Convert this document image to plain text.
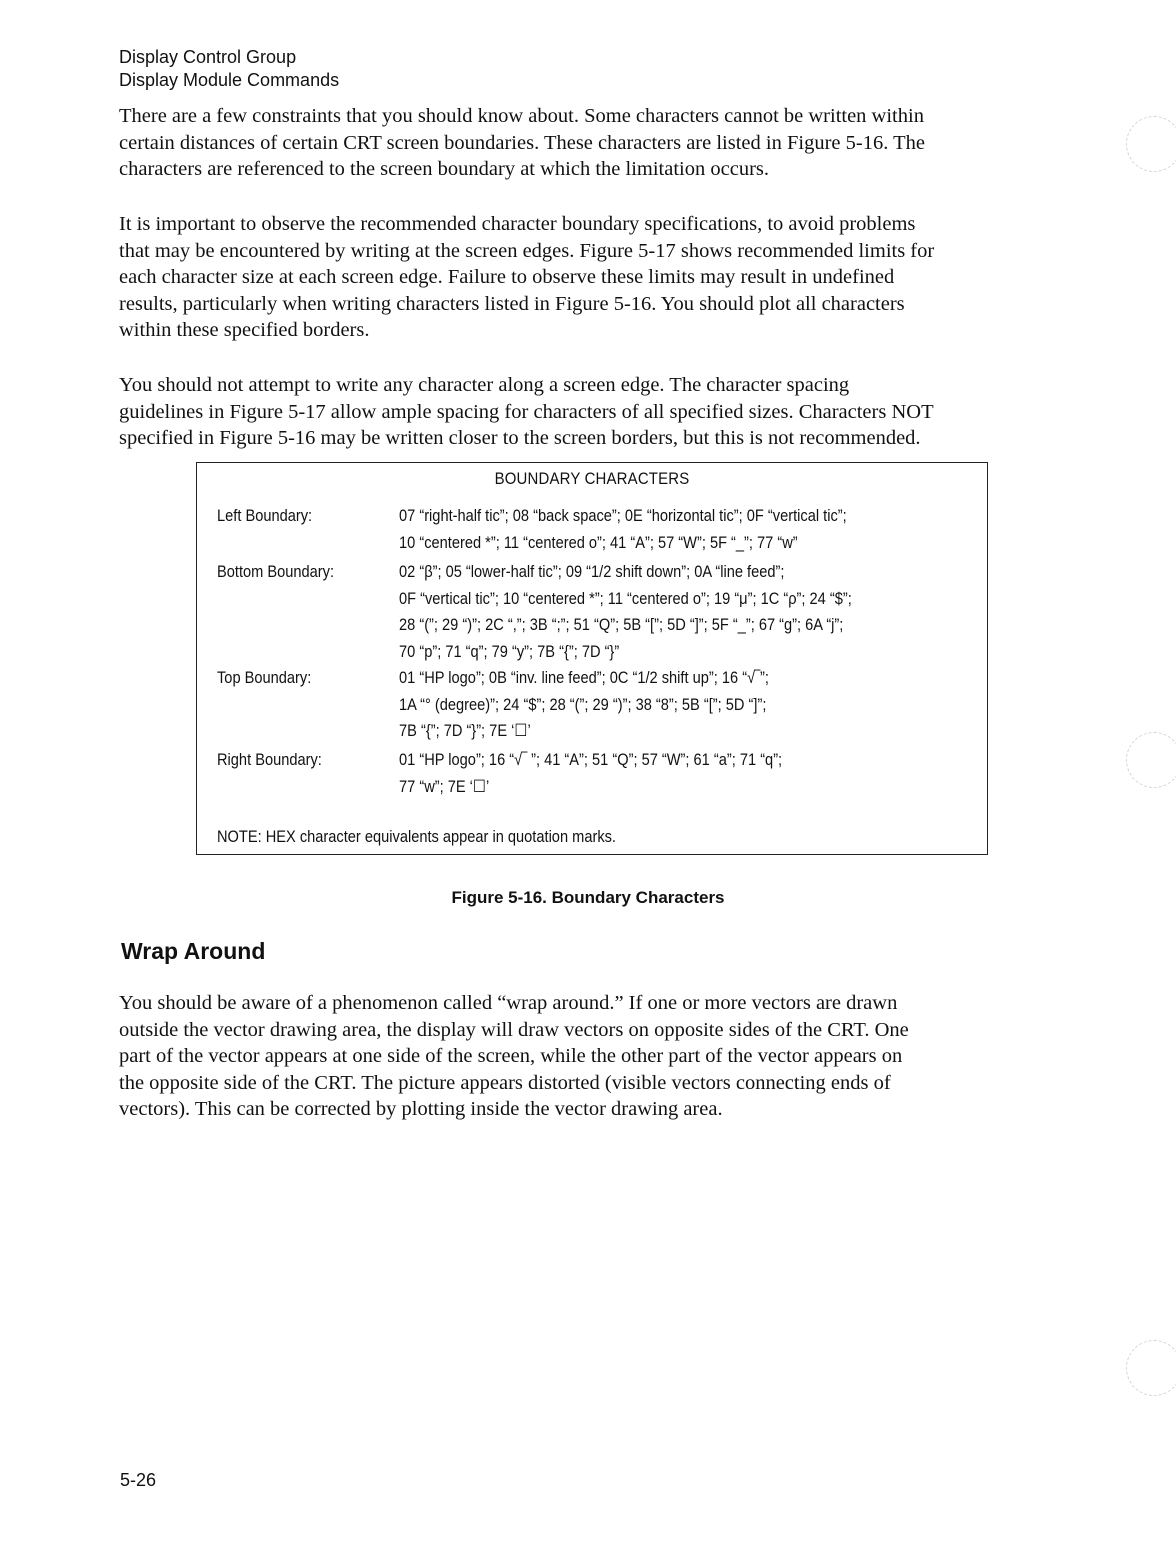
Display Control Group
Display Module Commands

There are a few constraints that you should know about. Some characters cannot be written within
certain distances of certain CRT screen boundaries. These characters are listed in Figure 5-16. The
characters are referenced to the screen boundary at which the limitation occurs.

It is important to observe the recommended character boundary specifications, to avoid problems
that may be encountered by writing at the screen edges. Figure 5-17 shows recommended limits for
each character size at each screen edge. Failure to observe these limits may result in undefined
results, particularly when writing characters listed in Figure 5-16. You should plot all characters
within these specified borders.

You should not attempt to write any character along a screen edge. The character spacing
guidelines in Figure 5-17 allow ample spacing for characters of all specified sizes. Characters NOT
specified in Figure 5-16 may be written closer to the screen borders, but this is not recommended.

BOUNDARY CHARACTERS
Left Boundary:	07 “right-half tic”; 08 “back space”; 0E “horizontal tic”; 0F “vertical tic”;
10 “centered *”; 11 “centered o”; 41 “A”; 57 “W”; 5F “_”; 77 “w”
Bottom Boundary:	02 “β”; 05 “lower-half tic”; 09 “1/2 shift down”; 0A “line feed”;
0F “vertical tic”; 10 “centered *”; 11 “centered o”; 19 “μ”; 1C “ρ”; 24 “$”;
28 “(”; 29 “)”; 2C “,”; 3B “;”; 51 “Q”; 5B “[”; 5D “]”; 5F “_”; 67 “g”; 6A “j”;
70 “p”; 71 “q”; 79 “y”; 7B “{”; 7D “}”
Top Boundary:	01 “HP logo”; 0B “inv. line feed”; 0C “1/2 shift up”; 16 “√‾”;
1A “° (degree)”; 24 “$”; 28 “(”; 29 “)”; 38 “8”; 5B “[”; 5D “]”;
7B “{”; 7D “}”; 7E ‘☐’
Right Boundary:	01 “HP logo”; 16 “√‾ ”; 41 “A”; 51 “Q”; 57 “W”; 61 “a”; 71 “q”;
77 “w”; 7E ‘☐’
NOTE: HEX character equivalents appear in quotation marks.
Figure 5-16. Boundary Characters
Wrap Around

You should be aware of a phenomenon called “wrap around.” If one or more vectors are drawn
outside the vector drawing area, the display will draw vectors on opposite sides of the CRT. One
part of the vector appears at one side of the screen, while the other part of the vector appears on
the opposite side of the CRT. The picture appears distorted (visible vectors connecting ends of
vectors). This can be corrected by plotting inside the vector drawing area.

5-26
